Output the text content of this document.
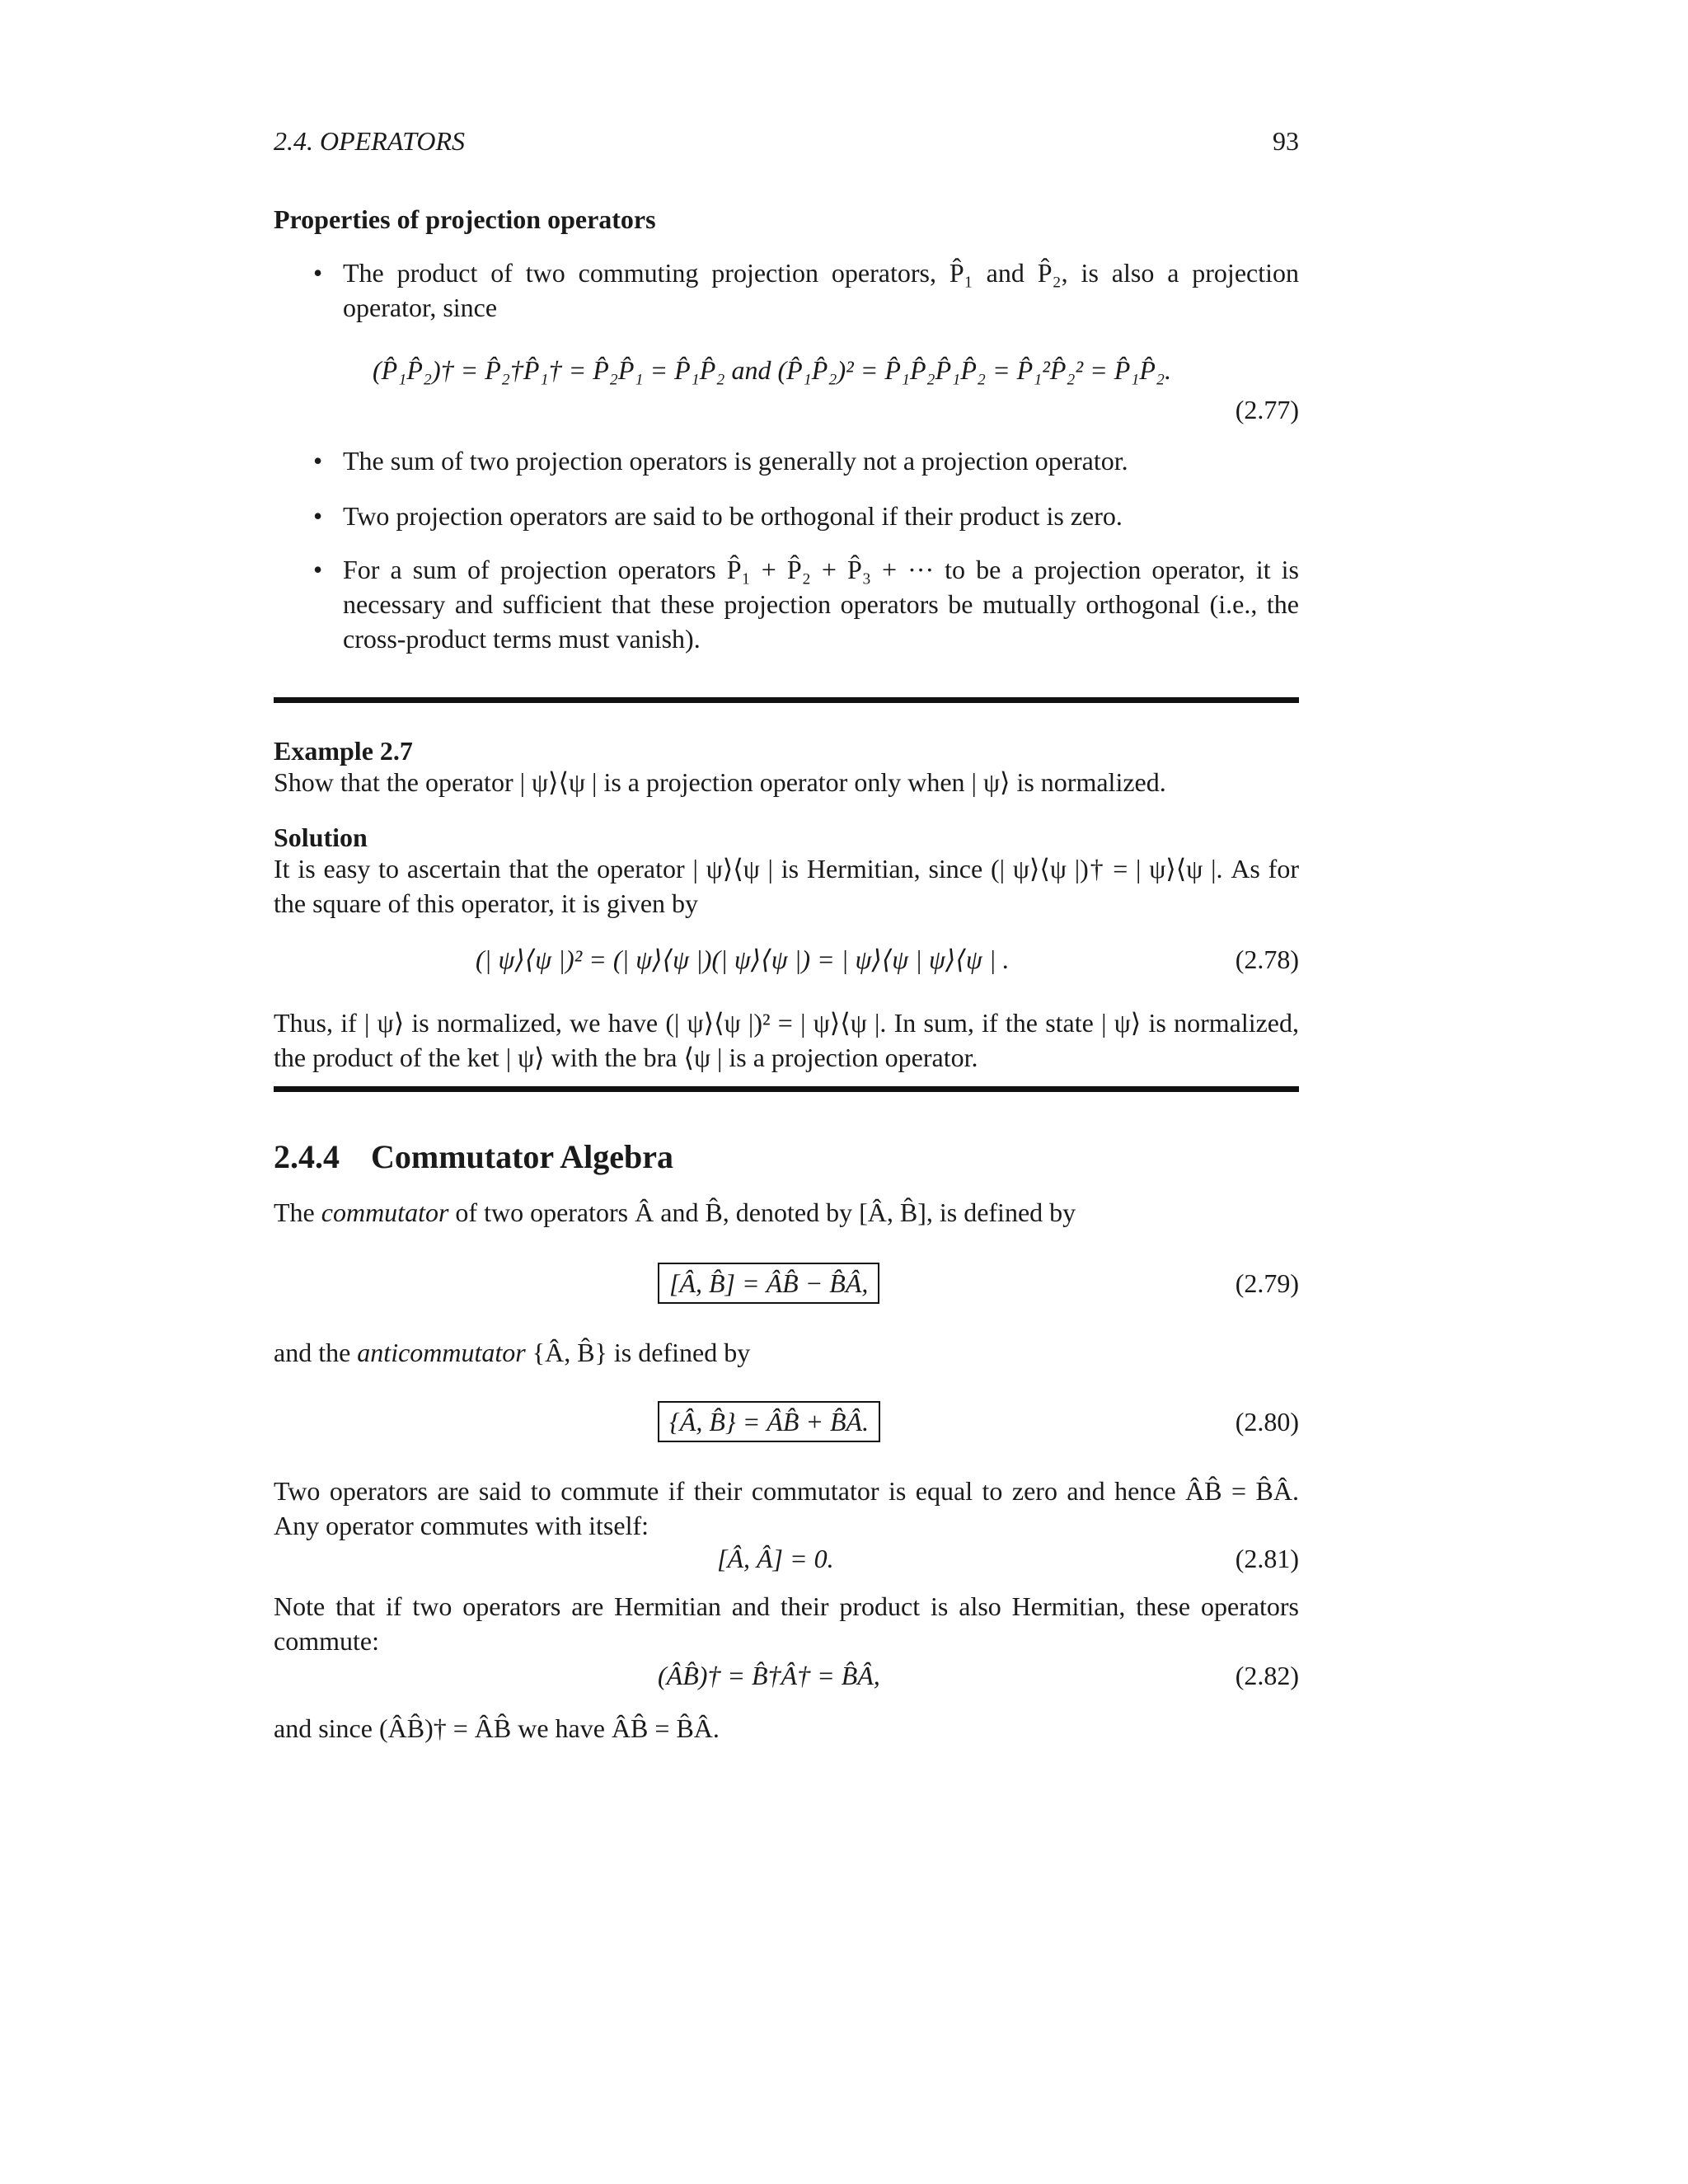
2.4. OPERATORS	93
Properties of projection operators
• The product of two commuting projection operators, P̂₁ and P̂₂, is also a projection operator, since
(P̂₁P̂₂)† = P̂₂†P̂₁† = P̂₂P̂₁ = P̂₁P̂₂ and (P̂₁P̂₂)² = P̂₁P̂₂P̂₁P̂₂ = P̂₁²P̂₂² = P̂₁P̂₂.
(2.77)
• The sum of two projection operators is generally not a projection operator.
• Two projection operators are said to be orthogonal if their product is zero.
• For a sum of projection operators P̂₁ + P̂₂ + P̂₃ + ··· to be a projection operator, it is necessary and sufficient that these projection operators be mutually orthogonal (i.e., the cross-product terms must vanish).
Example 2.7
Show that the operator | ψ⟩⟨ψ | is a projection operator only when | ψ⟩ is normalized.
Solution
It is easy to ascertain that the operator | ψ⟩⟨ψ | is Hermitian, since (| ψ⟩⟨ψ |)† = | ψ⟩⟨ψ |. As for the square of this operator, it is given by
(| ψ⟩⟨ψ |)² = (| ψ⟩⟨ψ |)(| ψ⟩⟨ψ |) = | ψ⟩⟨ψ | ψ⟩⟨ψ | .	(2.78)
Thus, if | ψ⟩ is normalized, we have (| ψ⟩⟨ψ |)² = | ψ⟩⟨ψ |. In sum, if the state | ψ⟩ is normalized, the product of the ket | ψ⟩ with the bra ⟨ψ | is a projection operator.
2.4.4 Commutator Algebra
The commutator of two operators Â and B̂, denoted by [Â, B̂], is defined by
[Â, B̂] = ÂB̂ − B̂Â,	(2.79)
and the anticommutator {Â, B̂} is defined by
{Â, B̂} = ÂB̂ + B̂Â.	(2.80)
Two operators are said to commute if their commutator is equal to zero and hence ÂB̂ = B̂Â. Any operator commutes with itself:
[Â, Â] = 0.	(2.81)
Note that if two operators are Hermitian and their product is also Hermitian, these operators commute:
(ÂB̂)† = B̂†Â† = B̂Â,	(2.82)
and since (ÂB̂)† = ÂB̂ we have ÂB̂ = B̂Â.
